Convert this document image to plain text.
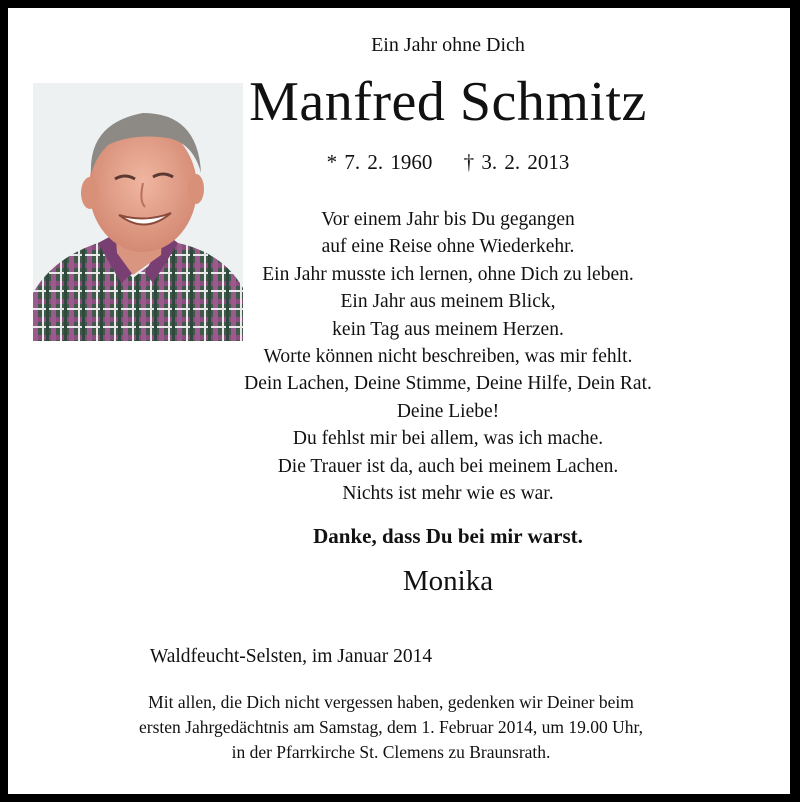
Ein Jahr ohne Dich
Manfred Schmitz
* 7. 2. 1960 † 3. 2. 2013
Vor einem Jahr bis Du gegangen
auf eine Reise ohne Wiederkehr.
Ein Jahr musste ich lernen, ohne Dich zu leben.
Ein Jahr aus meinem Blick,
kein Tag aus meinem Herzen.
Worte können nicht beschreiben, was mir fehlt.
Dein Lachen, Deine Stimme, Deine Hilfe, Dein Rat.
Deine Liebe!
Du fehlst mir bei allem, was ich mache.
Die Trauer ist da, auch bei meinem Lachen.
Nichts ist mehr wie es war.
Danke, dass Du bei mir warst.
Monika
Waldfeucht-Selsten, im Januar 2014
Mit allen, die Dich nicht vergessen haben, gedenken wir Deiner beim
ersten Jahrgedächtnis am Samstag, dem 1. Februar 2014, um 19.00 Uhr,
in der Pfarrkirche St. Clemens zu Braunsrath.
